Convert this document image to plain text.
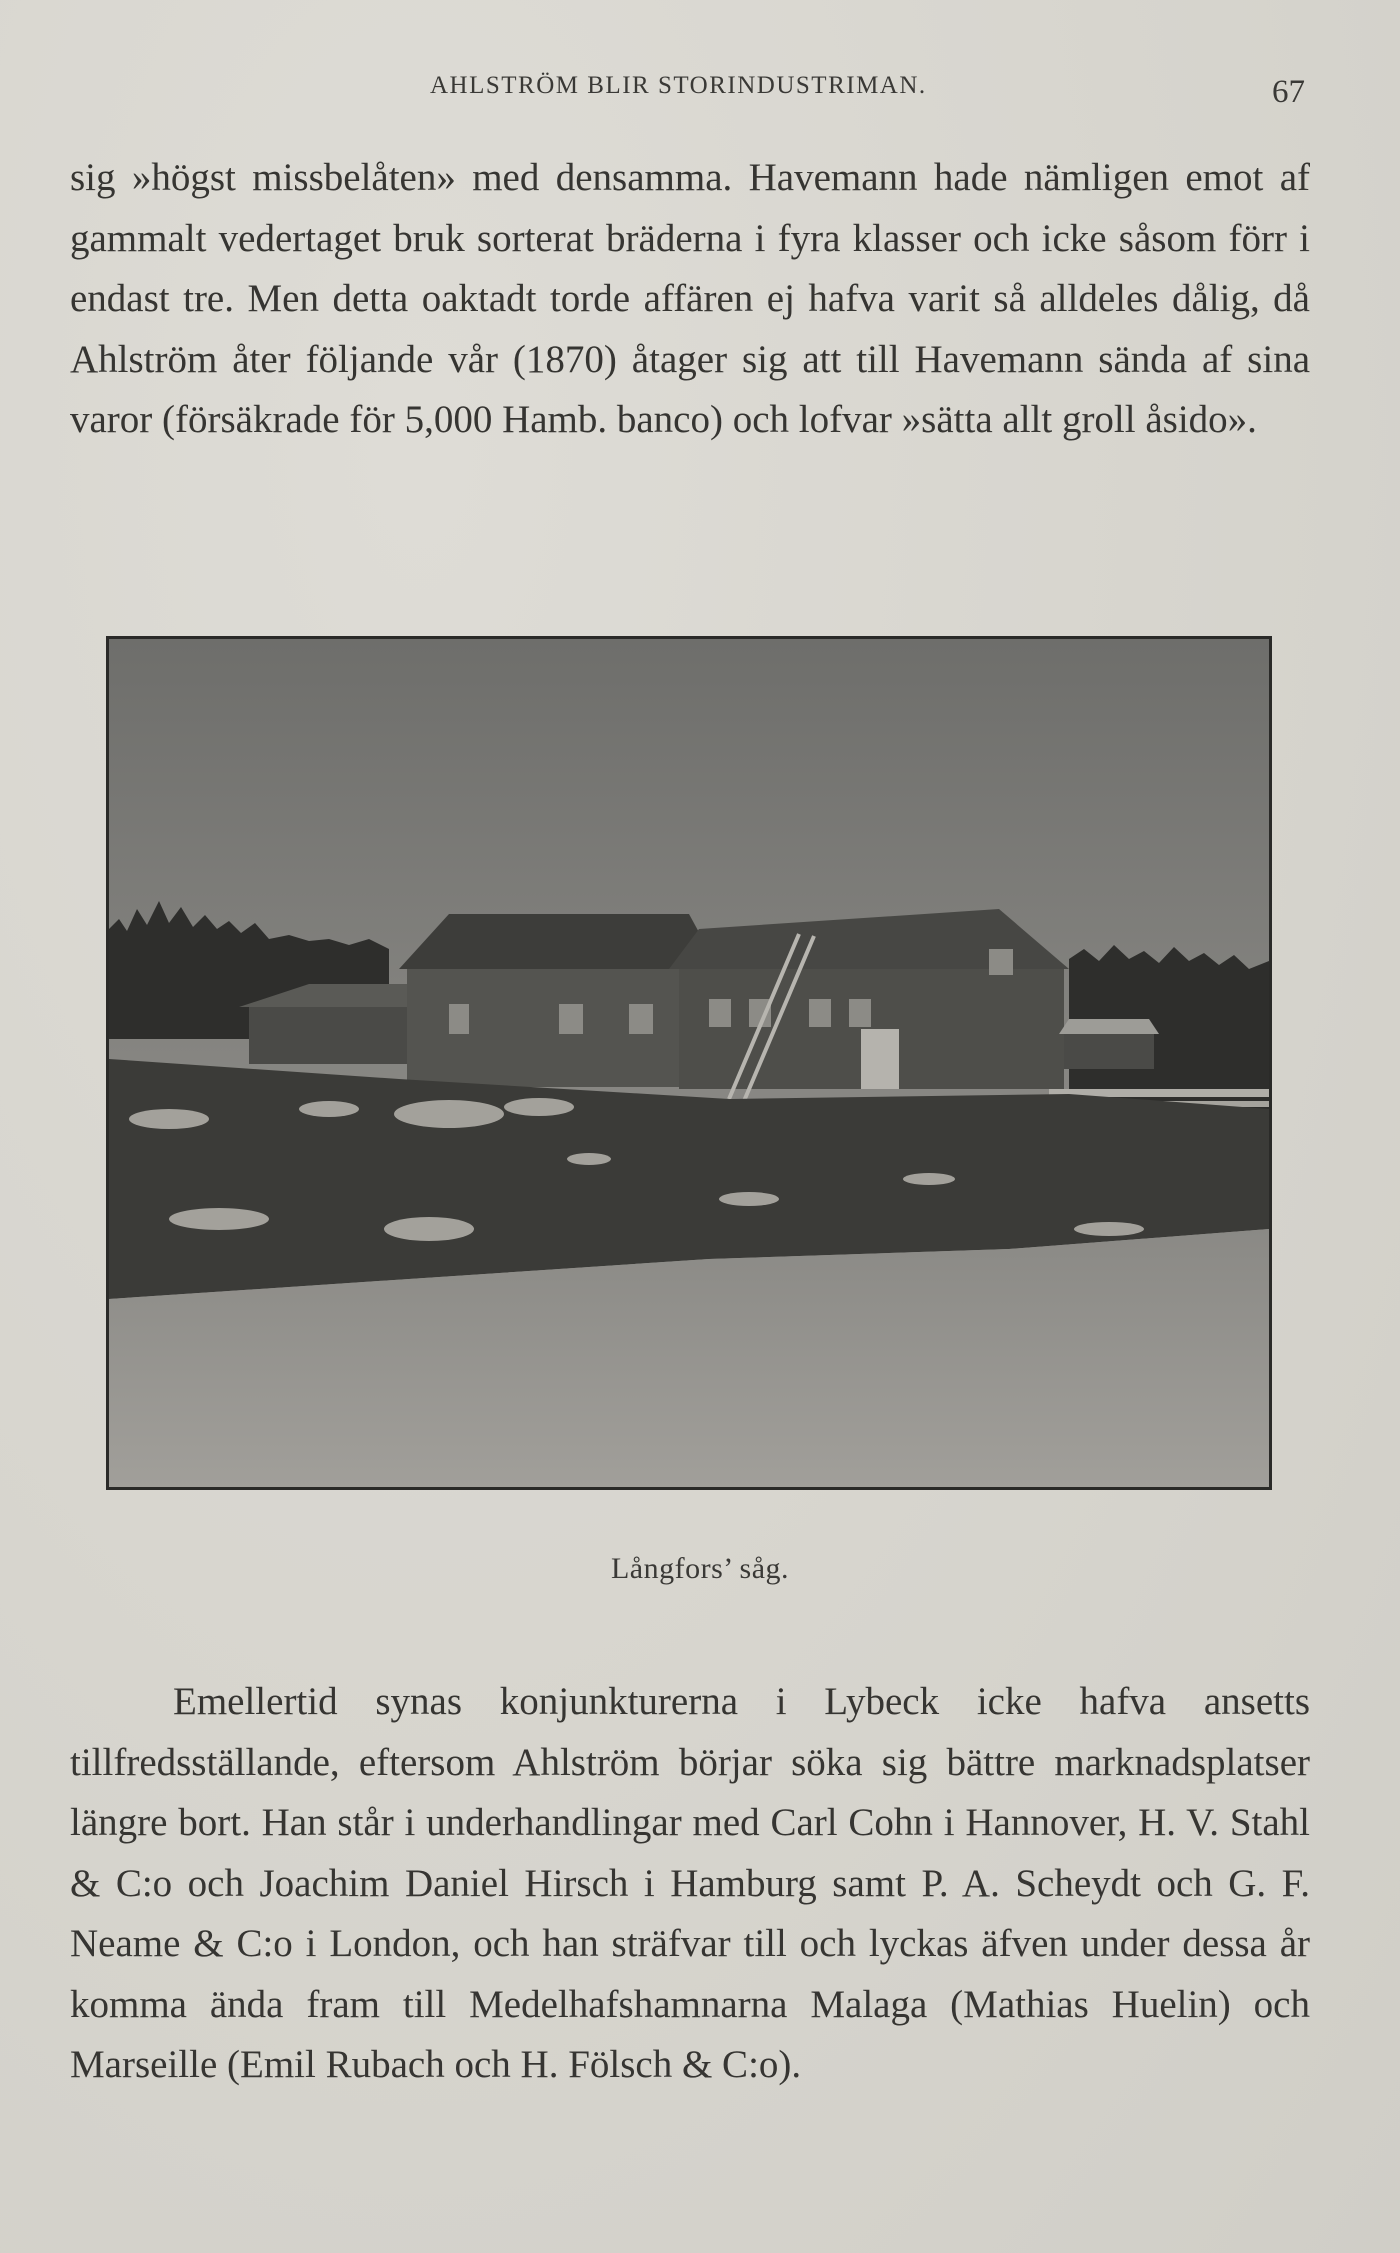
AHLSTRÖM BLIR STORINDUSTRIMAN.	67

sig »högst missbelåten» med densamma. Havemann hade nämligen emot af gammalt vedertaget bruk sorterat bräderna i fyra klasser och icke såsom förr i endast tre. Men detta oaktadt torde affären ej hafva varit så alldeles dålig, då Ahlström åter följande vår (1870) åtager sig att till Havemann sända af sina varor (försäkrade för 5,000 Hamb. banco) och lofvar »sätta allt groll åsido».

Långfors’ såg.

Emellertid synas konjunkturerna i Lybeck icke hafva ansetts tillfredsställande, eftersom Ahlström börjar söka sig bättre marknadsplatser längre bort. Han står i underhandlingar med Carl Cohn i Hannover, H. V. Stahl & C:o och Joachim Daniel Hirsch i Hamburg samt P. A. Scheydt och G. F. Neame & C:o i London, och han sträfvar till och lyckas äfven under dessa år komma ända fram till Medelhafshamnarna Malaga (Mathias Huelin) och Marseille (Emil Rubach och H. Fölsch & C:o).
